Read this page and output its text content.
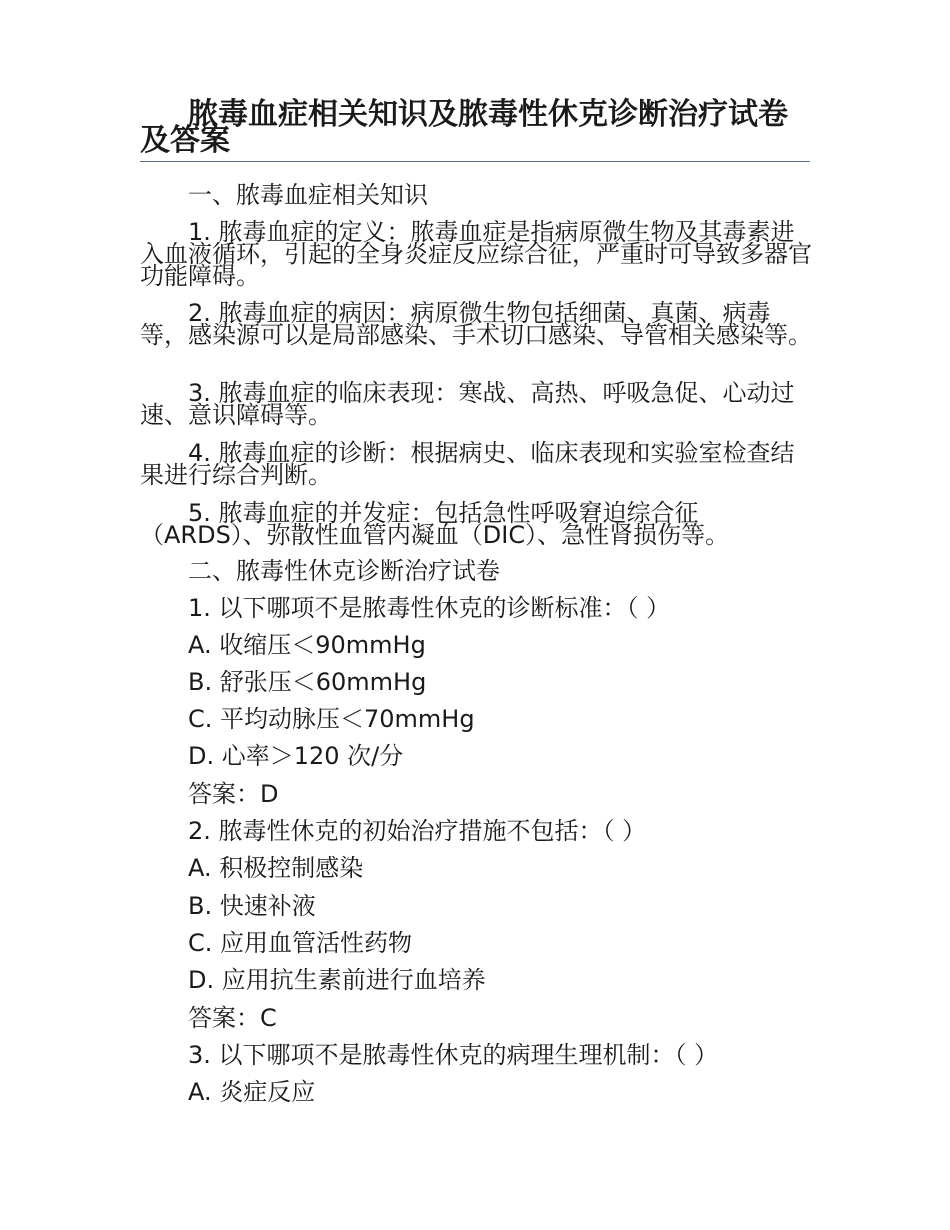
脓毒血症相关知识及脓毒性休克诊断治疗试卷及答案

一、脓毒血症相关知识

1. 脓毒血症的定义：脓毒血症是指病原微生物及其毒素进入血液循环，引起的全身炎症反应综合征，严重时可导致多器官功能障碍。

2. 脓毒血症的病因：病原微生物包括细菌、真菌、病毒等，感染源可以是局部感染、手术切口感染、导管相关感染等。

3. 脓毒血症的临床表现：寒战、高热、呼吸急促、心动过速、意识障碍等。

4. 脓毒血症的诊断：根据病史、临床表现和实验室检查结果进行综合判断。

5. 脓毒血症的并发症：包括急性呼吸窘迫综合征（ARDS）、弥散性血管内凝血（DIC）、急性肾损伤等。

二、脓毒性休克诊断治疗试卷

1. 以下哪项不是脓毒性休克的诊断标准：（ ）

A. 收缩压＜90mmHg

B. 舒张压＜60mmHg

C. 平均动脉压＜70mmHg

D. 心率＞120 次/分

答案：D

2. 脓毒性休克的初始治疗措施不包括：（ ）

A. 积极控制感染

B. 快速补液

C. 应用血管活性药物

D. 应用抗生素前进行血培养

答案：C

3. 以下哪项不是脓毒性休克的病理生理机制：（ ）

A. 炎症反应
